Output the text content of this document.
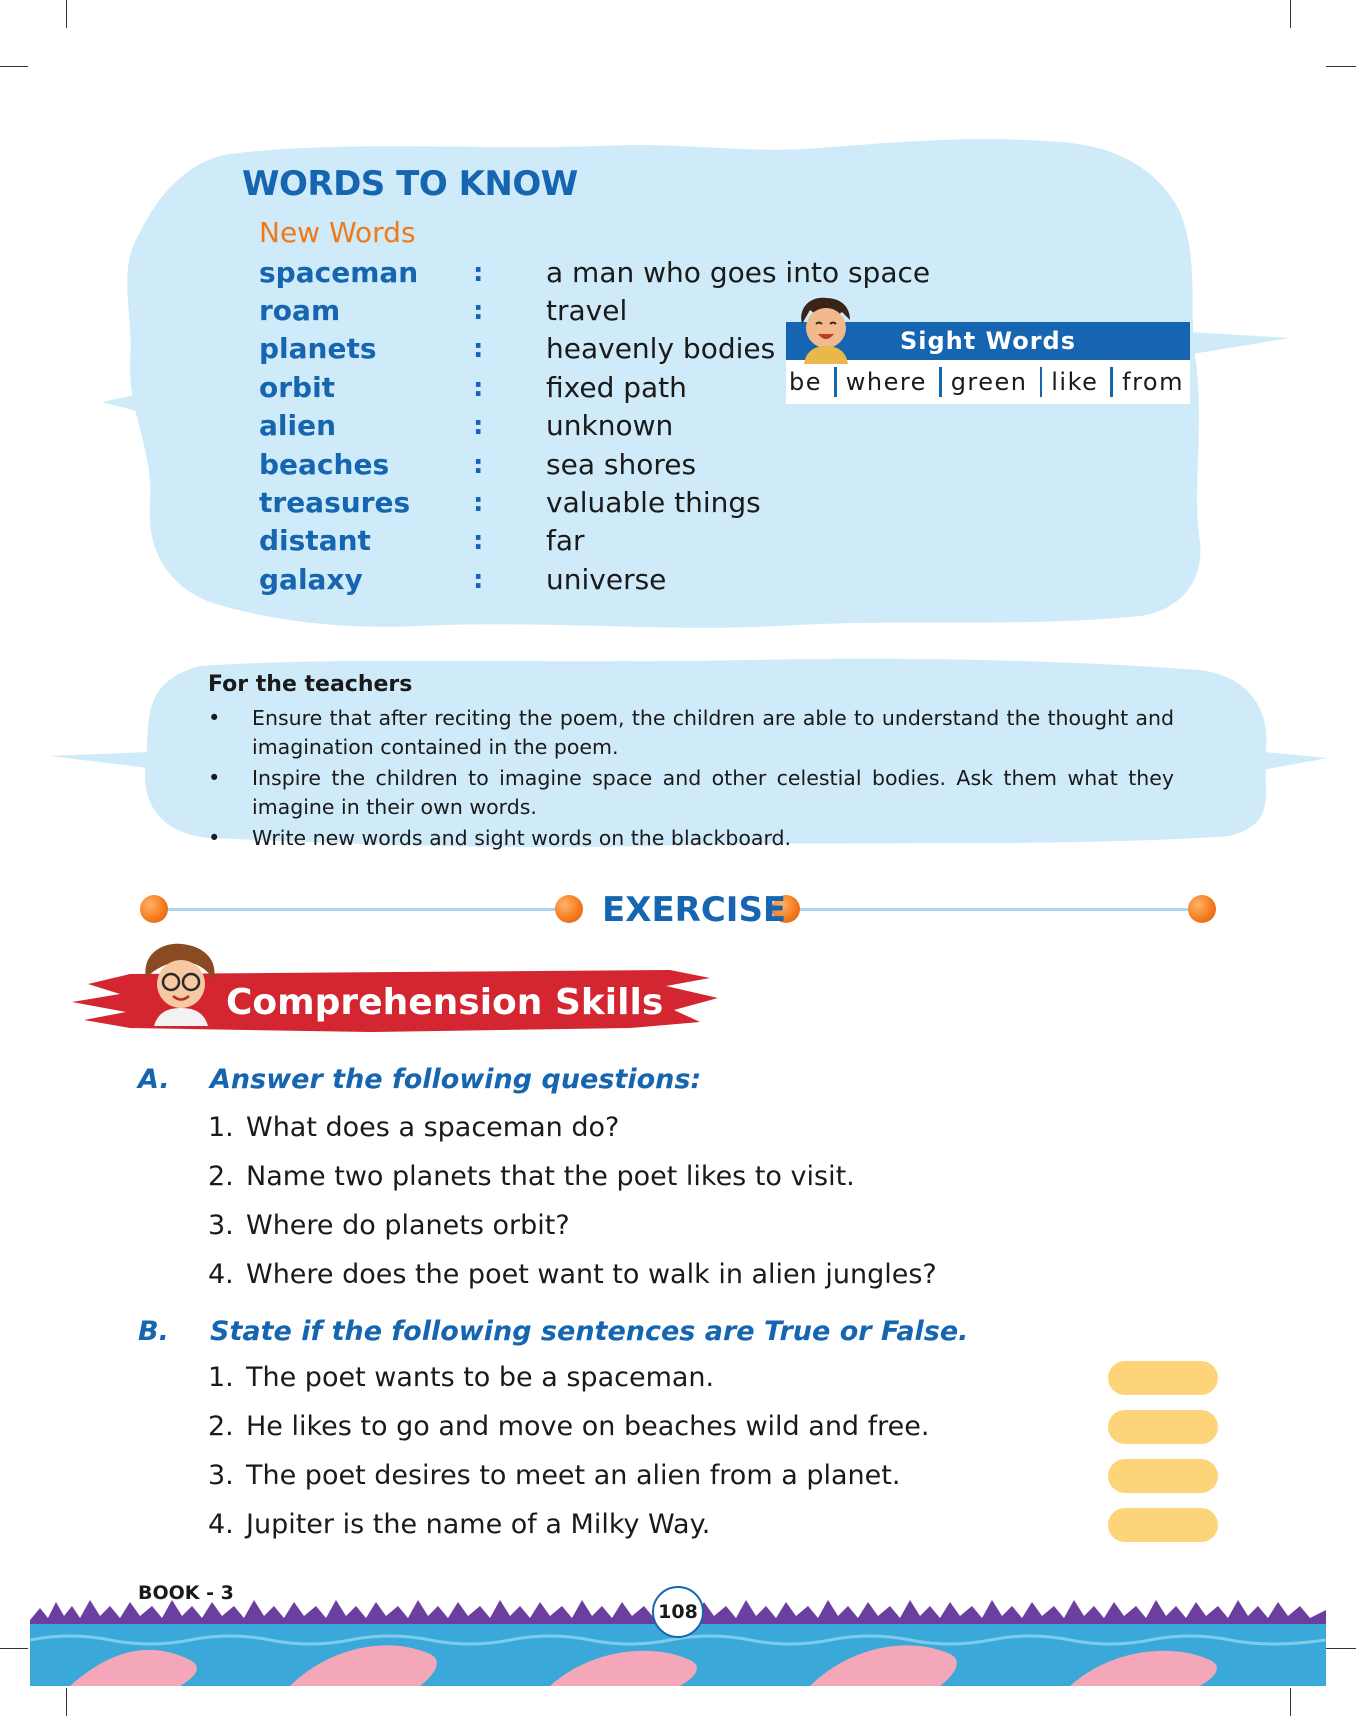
WORDS TO KNOW
New Words
spaceman : a man who goes into space
roam	: travel
planets	: heavenly bodies
orbit	: fixed path
alien	: unknown
beaches	: sea shores
treasures : valuable things
distant	: far
galaxy	: universe
Sight Words
be where green like from
For the teachers
• Ensure that after reciting the poem, the children are able to understand the thought and imagination contained in the poem.
• Inspire the children to imagine space and other celestial bodies. Ask them what they imagine in their own words.
• Write new words and sight words on the blackboard.
EXERCISE
Comprehension Skills
A. Answer the following questions:
1. What does a spaceman do?
2. Name two planets that the poet likes to visit.
3. Where do planets orbit?
4. Where does the poet want to walk in alien jungles?
B. State if the following sentences are True or False.
1. The poet wants to be a spaceman.
2. He likes to go and move on beaches wild and free.
3. The poet desires to meet an alien from a planet.
4. Jupiter is the name of a Milky Way.
BOOK - 3
108
